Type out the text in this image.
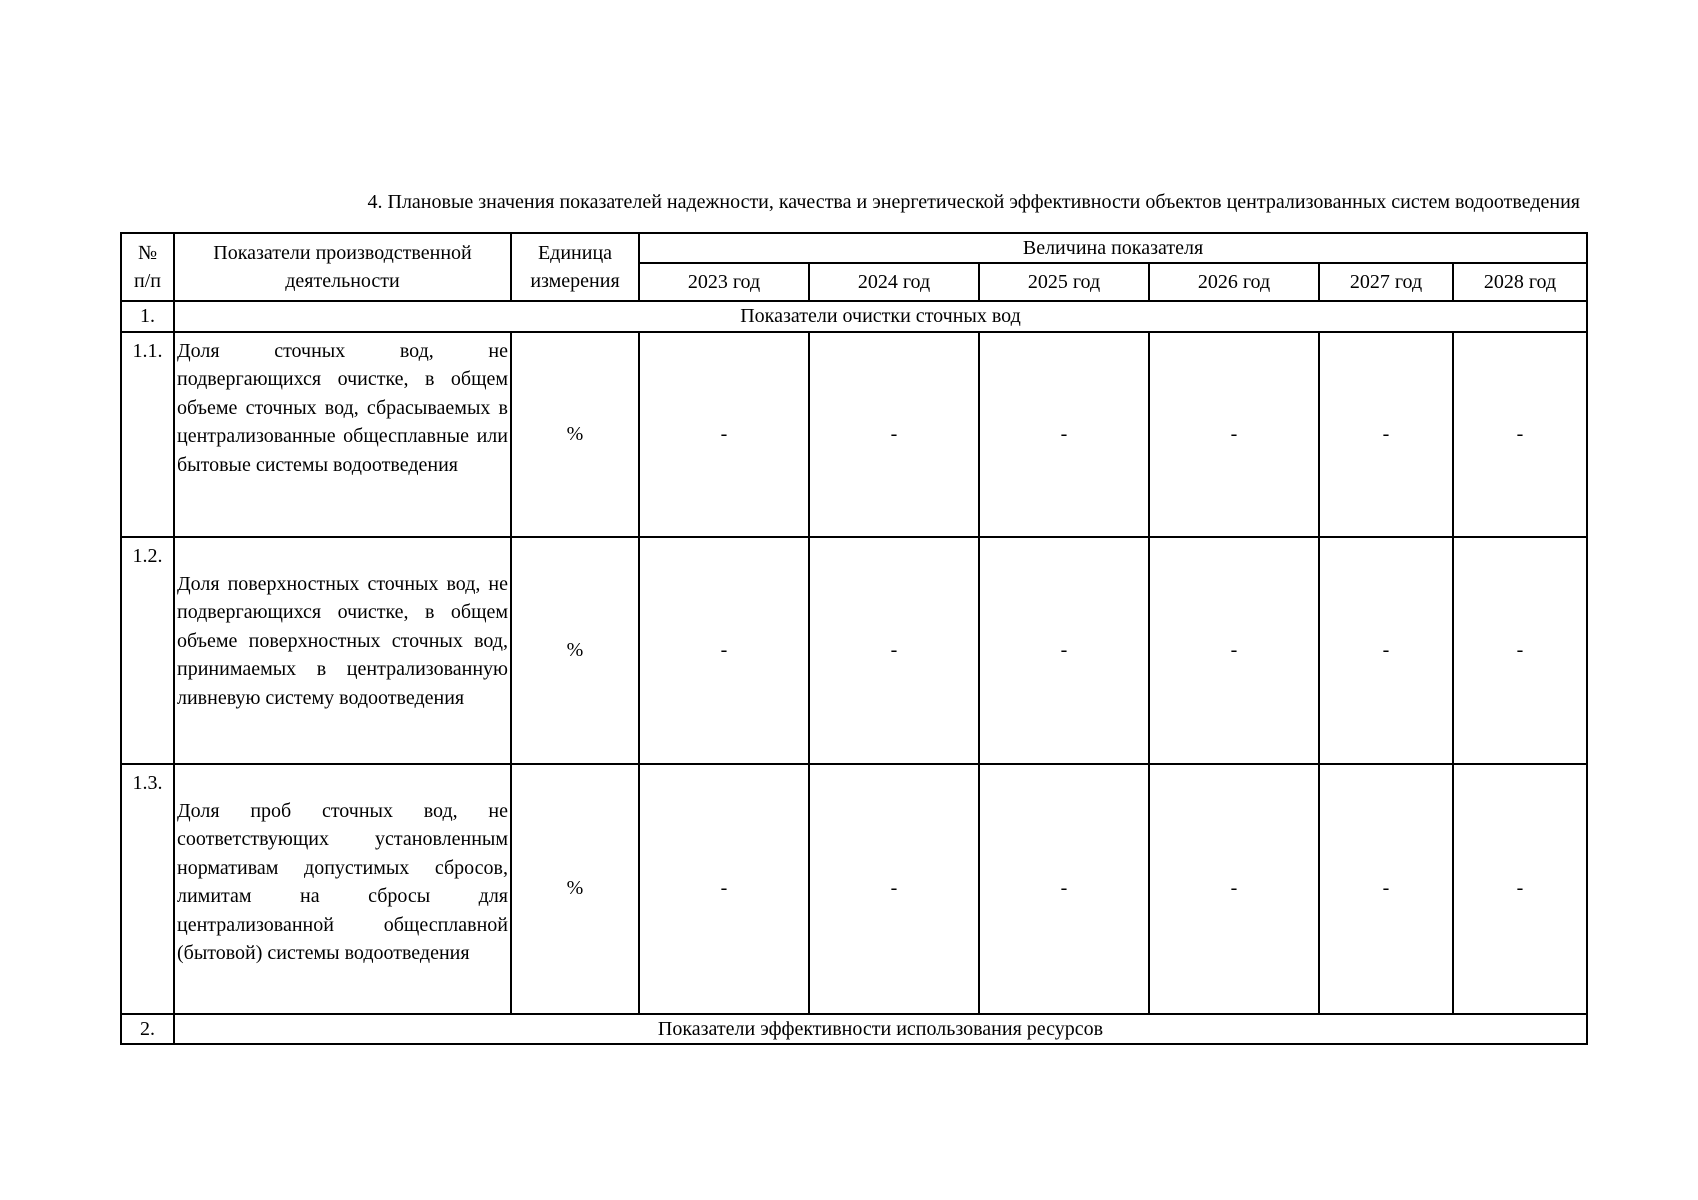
4. Плановые значения показателей надежности, качества и энергетической эффективности объектов централизованных систем водоотведения
№
п/п	Показатели производственной деятельности	Единица измерения	Величина показателя					
			2023 год	2024 год	2025 год	2026 год	2027 год	2028 год
1.	Показатели очистки сточных вод							
1.1.	Доля сточных вод, не подвергающихся очистке, в общем объеме сточных вод, сбрасываемых в централизованные общесплавные или бытовые системы водоотведения	%	-	-	-	-	-	-
1.2.	Доля поверхностных сточных вод, не подвергающихся очистке, в общем объеме поверхностных сточных вод, принимаемых в централизованную ливневую систему водоотведения	%	-	-	-	-	-	-
1.3.	Доля проб сточных вод, не соответствующих установленным нормативам допустимых сбросов, лимитам на сбросы для централизованной общесплавной (бытовой) системы водоотведения	%	-	-	-	-	-	-
2.	Показатели эффективности использования ресурсов							
